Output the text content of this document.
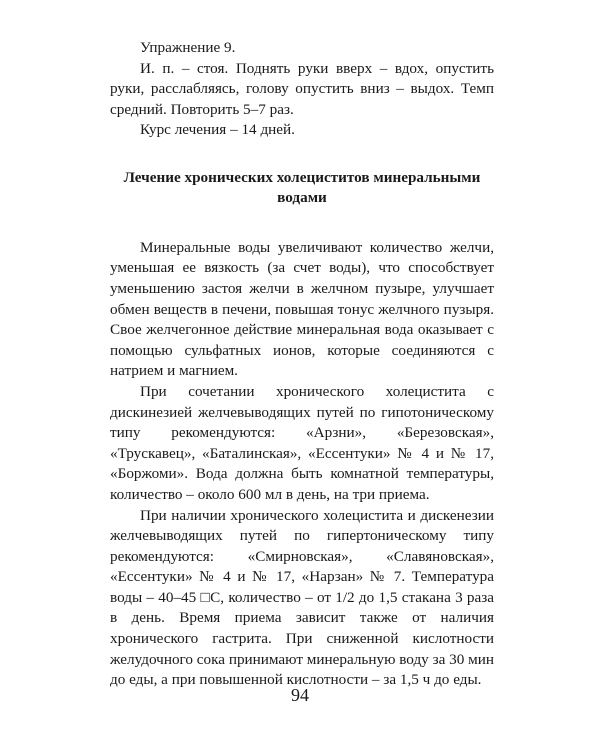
Упражнение 9.

И. п. – стоя. Поднять руки вверх – вдох, опустить руки, расслабляясь, голову опустить вниз – выдох. Темп средний. Повторить 5–7 раз.

Курс лечения – 14 дней.

Лечение хронических холециститов минеральными водами

Минеральные воды увеличивают количество желчи, уменьшая ее вязкость (за счет воды), что способствует уменьшению застоя желчи в желчном пузыре, улучшает обмен веществ в печени, повышая тонус желчного пузыря. Свое желчегонное действие минеральная вода оказывает с помощью сульфатных ионов, которые соединяются с натрием и магнием.

При сочетании хронического холецистита с дискинезией желчевыводящих путей по гипотоническому типу рекомендуются: «Арзни», «Березовская», «Трускавец», «Баталинская», «Ессентуки» № 4 и № 17, «Боржоми». Вода должна быть комнатной температуры, количество – около 600 мл в день, на три приема.

При наличии хронического холецистита и дискенезии желчевыводящих путей по гипертоническому типу рекомендуются: «Смирновская», «Славяновская», «Ессентуки» № 4 и № 17, «Нарзан» № 7. Температура воды – 40–45 □С, количество – от 1/2 до 1,5 стакана 3 раза в день. Время приема зависит также от наличия хронического гастрита. При сниженной кислотности желудочного сока принимают минеральную воду за 30 мин до еды, а при повышенной кислотности – за 1,5 ч до еды.

94
